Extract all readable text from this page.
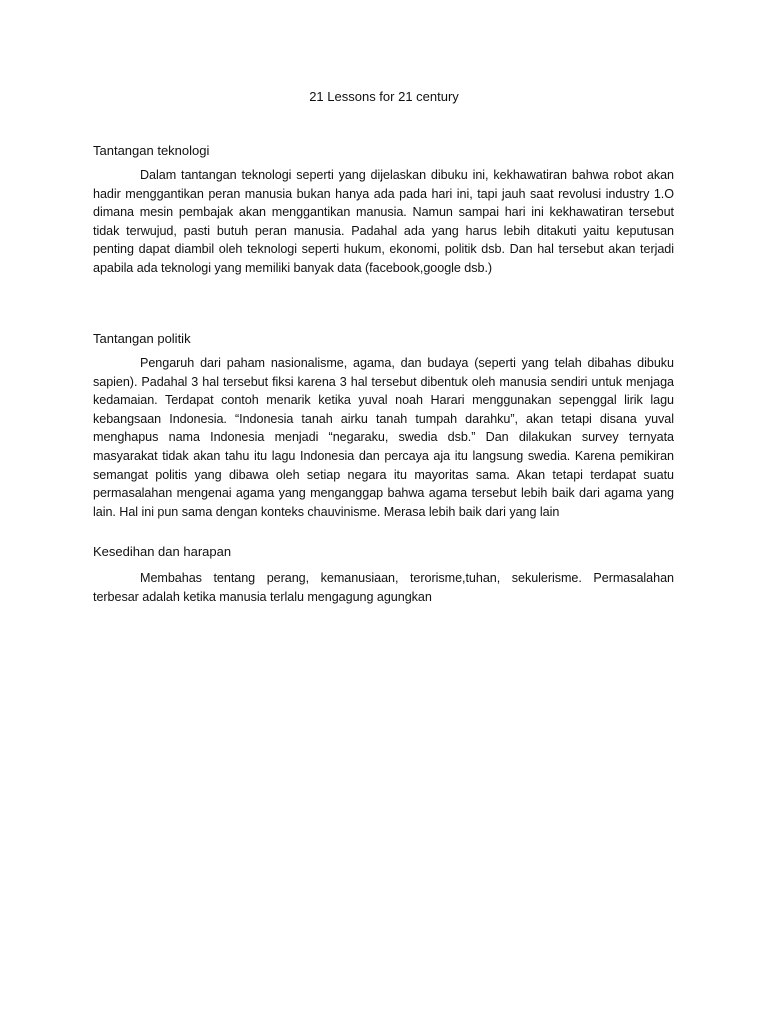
21 Lessons for 21 century
Tantangan teknologi

Dalam tantangan teknologi seperti yang dijelaskan dibuku ini, kekhawatiran bahwa robot akan hadir menggantikan peran manusia bukan hanya ada pada hari ini, tapi jauh saat revolusi industry 1.O dimana mesin pembajak akan menggantikan manusia. Namun sampai hari ini kekhawatiran tersebut tidak terwujud, pasti butuh peran manusia. Padahal ada yang harus lebih ditakuti yaitu keputusan penting dapat diambil oleh teknologi seperti hukum, ekonomi, politik dsb. Dan hal tersebut akan terjadi apabila ada teknologi yang memiliki banyak data (facebook,google dsb.)

Tantangan politik

Pengaruh dari paham nasionalisme, agama, dan budaya (seperti yang telah dibahas dibuku sapien). Padahal 3 hal tersebut fiksi karena 3 hal tersebut dibentuk oleh manusia sendiri untuk menjaga kedamaian. Terdapat contoh menarik ketika yuval noah Harari menggunakan sepenggal lirik lagu kebangsaan Indonesia. “Indonesia tanah airku tanah tumpah darahku”, akan tetapi disana yuval menghapus nama Indonesia menjadi “negaraku, swedia dsb.” Dan dilakukan survey ternyata masyarakat tidak akan tahu itu lagu Indonesia dan percaya aja itu langsung swedia. Karena pemikiran semangat politis yang dibawa oleh setiap negara itu mayoritas sama. Akan tetapi terdapat suatu permasalahan mengenai agama yang menganggap bahwa agama tersebut lebih baik dari agama yang lain. Hal ini pun sama dengan konteks chauvinisme. Merasa lebih baik dari yang lain

Kesedihan dan harapan

Membahas tentang perang, kemanusiaan, terorisme,tuhan, sekulerisme. Permasalahan terbesar adalah ketika manusia terlalu mengagung agungkan
